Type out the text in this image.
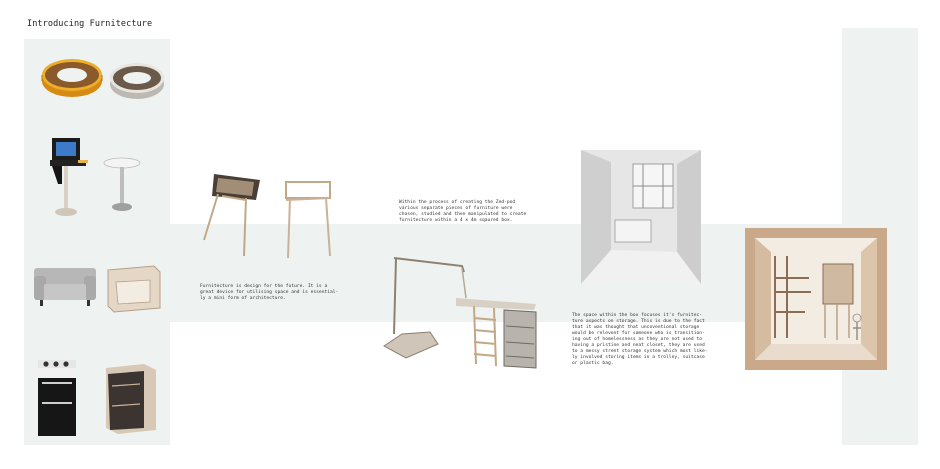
Introducing Furnitecture
Furnitecture is design for the future. It is a
great device for utilising space and is essential-
ly a mini form of architecture.
Within the process of creating the Zed-pod
various separate pieces of furniture were
chosen, studied and then manipulated to create
furnitecture within a 4 x 4m sqaured box.
The space within the box focuses it's furnitec-
ture aspects on storage. This is due to the fact
that it was thought that uncoventional storage
would be relevent for someone who is transition-
ing out of homelessness as they are not used to
having a pristine and neat closet, they are used
to a messy street storage system which most like-
ly involved storing items in a trolley, suitcase
or plastic bag.
